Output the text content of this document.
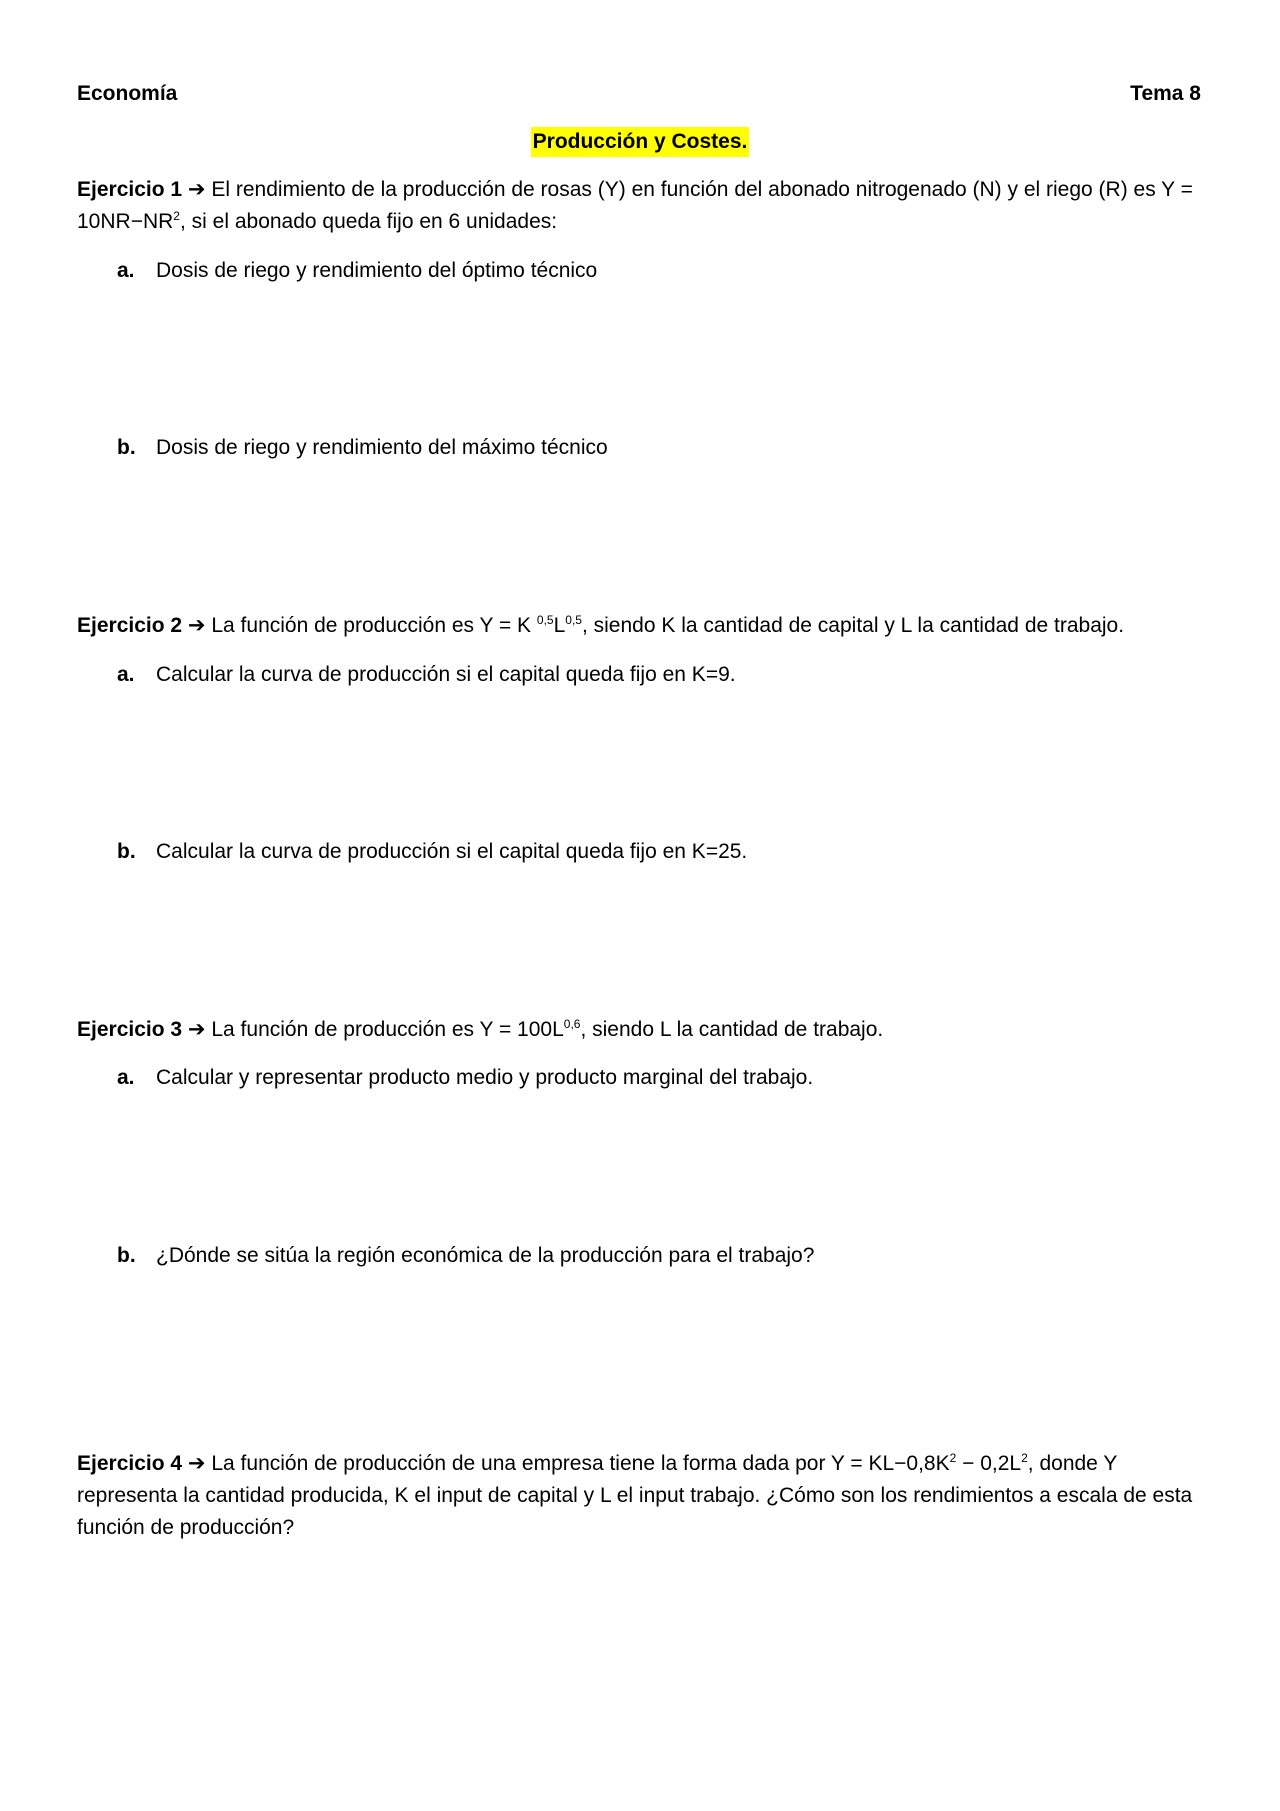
Economía	Tema 8
Producción y Costes.
Ejercicio 1 ➔ El rendimiento de la producción de rosas (Y) en función del abonado nitrogenado (N) y el riego (R) es $Y = 10NR-NR^2$, si el abonado queda fijo en 6 unidades:
a. Dosis de riego y rendimiento del óptimo técnico
b. Dosis de riego y rendimiento del máximo técnico
Ejercicio 2 ➔ La función de producción es Y = K $^{0,5}L^{0,5}$, siendo K la cantidad de capital y L la cantidad de trabajo.
a. Calcular la curva de producción si el capital queda fijo en K=9.
b. Calcular la curva de producción si el capital queda fijo en K=25.
Ejercicio 3 ➔ La función de producción es $Y = 100L^{0,6}$, siendo L la cantidad de trabajo.
a. Calcular y representar producto medio y producto marginal del trabajo.
b. ¿Dónde se sitúa la región económica de la producción para el trabajo?
Ejercicio 4 ➔ La función de producción de una empresa tiene la forma dada por $Y = KL-0,8K^2 - 0,2L^2$, donde Y representa la cantidad producida, K el input de capital y L el input trabajo. ¿Cómo son los rendimientos a escala de esta función de producción?
